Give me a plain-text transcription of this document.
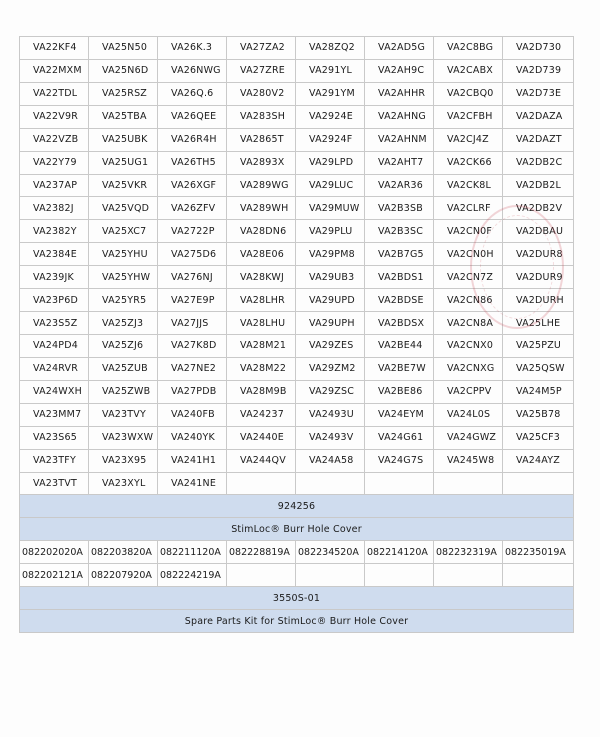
VA22KF4	VA25N50	VA26K.3	VA27ZA2	VA28ZQ2	VA2AD5G	VA2C8BG	VA2D730
VA22MXM	VA25N6D	VA26NWG	VA27ZRE	VA291YL	VA2AH9C	VA2CABX	VA2D739
VA22TDL	VA25RSZ	VA26Q.6	VA280V2	VA291YM	VA2AHHR	VA2CBQ0	VA2D73E
VA22V9R	VA25TBA	VA26QEE	VA283SH	VA2924E	VA2AHNG	VA2CFBH	VA2DAZA
VA22VZB	VA25UBK	VA26R4H	VA2865T	VA2924F	VA2AHNM	VA2CJ4Z	VA2DAZT
VA22Y79	VA25UG1	VA26TH5	VA2893X	VA29LPD	VA2AHT7	VA2CK66	VA2DB2C
VA237AP	VA25VKR	VA26XGF	VA289WG	VA29LUC	VA2AR36	VA2CK8L	VA2DB2L
VA2382J	VA25VQD	VA26ZFV	VA289WH	VA29MUW	VA2B3SB	VA2CLRF	VA2DB2V
VA2382Y	VA25XC7	VA2722P	VA28DN6	VA29PLU	VA2B3SC	VA2CN0F	VA2DBAU
VA2384E	VA25YHU	VA275D6	VA28E06	VA29PM8	VA2B7G5	VA2CN0H	VA2DUR8
VA239JK	VA25YHW	VA276NJ	VA28KWJ	VA29UB3	VA2BDS1	VA2CN7Z	VA2DUR9
VA23P6D	VA25YR5	VA27E9P	VA28LHR	VA29UPD	VA2BDSE	VA2CN86	VA2DURH
VA23S5Z	VA25ZJ3	VA27JJS	VA28LHU	VA29UPH	VA2BDSX	VA2CN8A	VA25LHE
VA24PD4	VA25ZJ6	VA27K8D	VA28M21	VA29ZES	VA2BE44	VA2CNX0	VA25PZU
VA24RVR	VA25ZUB	VA27NE2	VA28M22	VA29ZM2	VA2BE7W	VA2CNXG	VA25QSW
VA24WXH	VA25ZWB	VA27PDB	VA28M9B	VA29ZSC	VA2BE86	VA2CPPV	VA24M5P
VA23MM7	VA23TVY	VA240FB	VA24237	VA2493U	VA24EYM	VA24L0S	VA25B78
VA23S65	VA23WXW	VA240YK	VA2440E	VA2493V	VA24G61	VA24GWZ	VA25CF3
VA23TFY	VA23X95	VA241H1	VA244QV	VA24A58	VA24G7S	VA245W8	VA24AYZ
VA23TVT	VA23XYL	VA241NE					
924256							
StimLoc® Burr Hole Cover							
082202020A	082203820A	082211120A	082228819A	082234520A	082214120A	082232319A	082235019A
082202121A	082207920A	082224219A					
3550S-01							
Spare Parts Kit for StimLoc® Burr Hole Cover							
